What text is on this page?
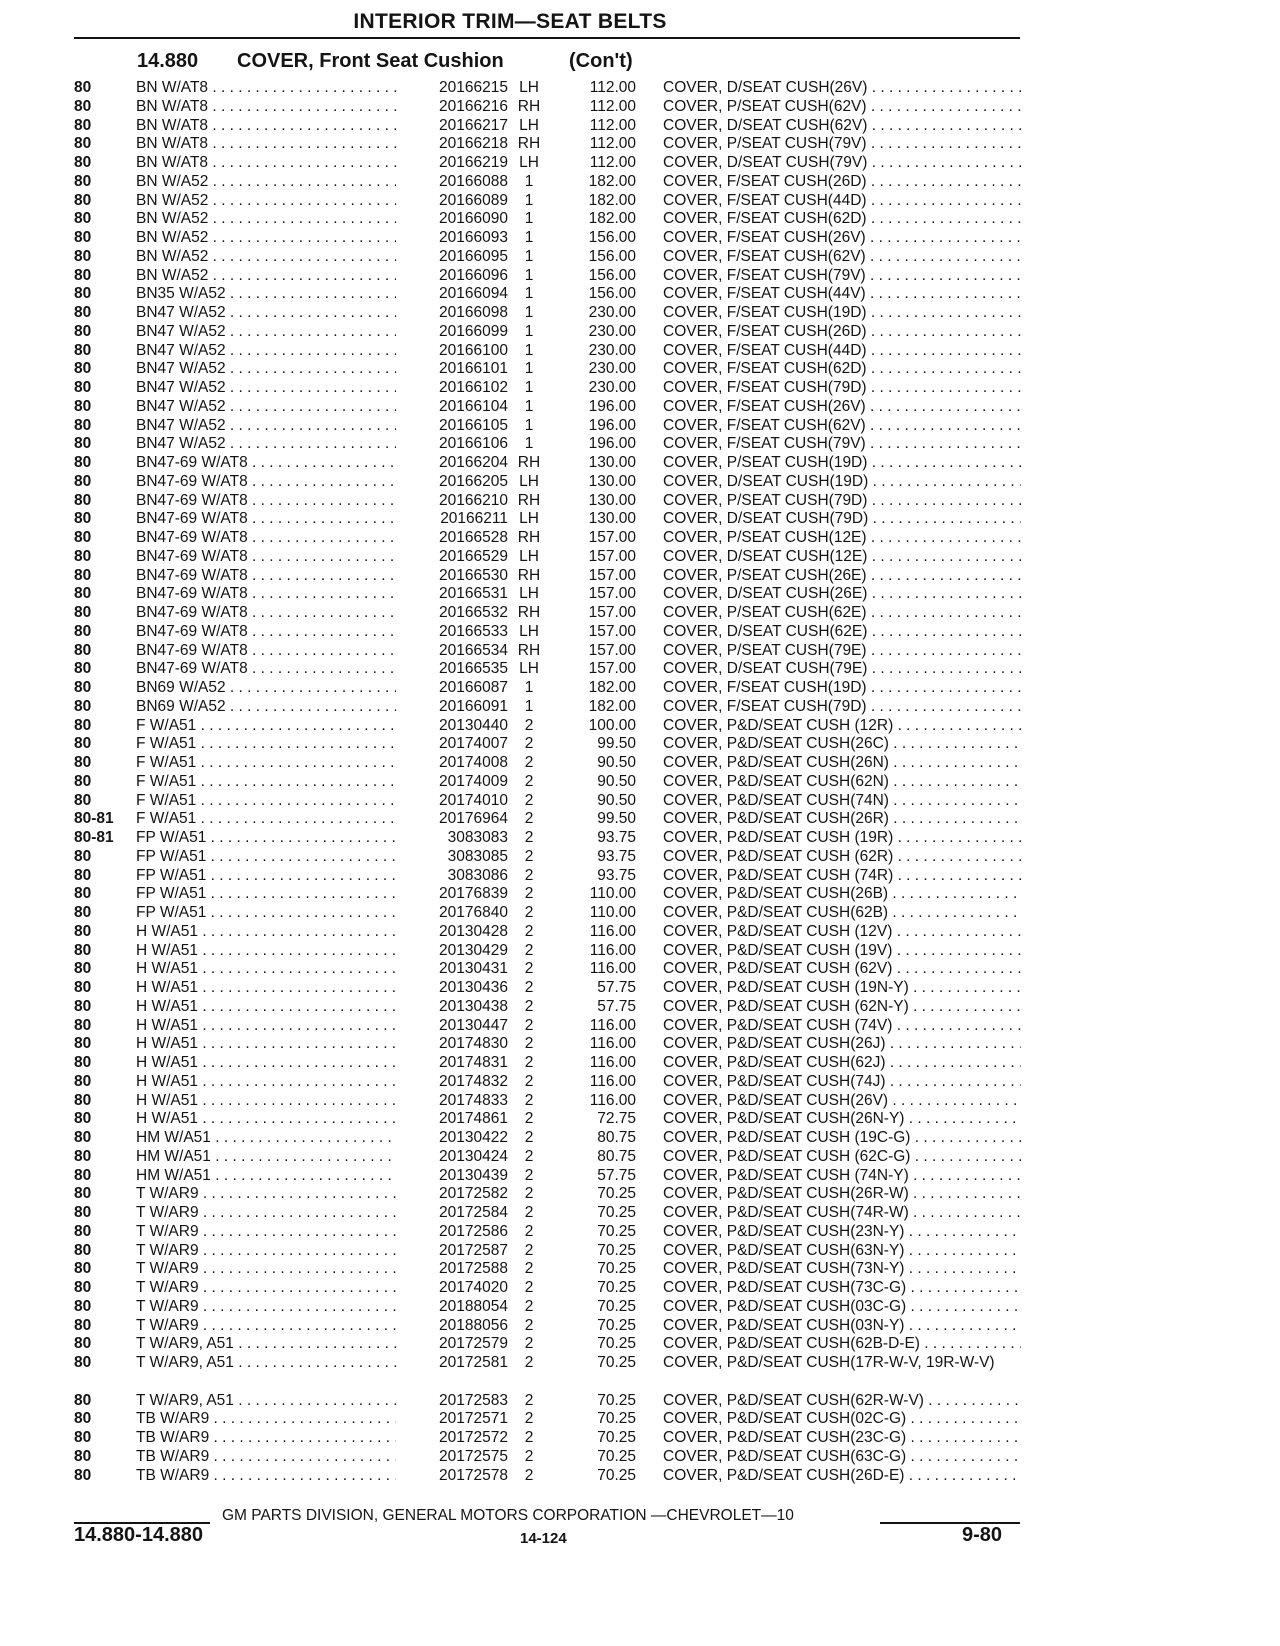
INTERIOR TRIM—SEAT BELTS
14.880 COVER, Front Seat Cushion	(Con't)
80	BN W/AT8 . . .	20166215 LH	112.00 COVER, D/SEAT CUSH(26V) . . .
80	BN W/AT8 . . .	20166216 RH	112.00 COVER, P/SEAT CUSH(62V) . . .
80	BN W/AT8 . . .	20166217 LH	112.00 COVER, D/SEAT CUSH(62V) . . .
80	BN W/AT8 . . .	20166218 RH	112.00 COVER, P/SEAT CUSH(79V) . . .
80	BN W/AT8 . . .	20166219 LH	112.00 COVER, D/SEAT CUSH(79V) . . .
80	BN W/A52 . . .	20166088	1	182.00 COVER, F/SEAT CUSH(26D) . . .
80	BN W/A52 . . .	20166089	1	182.00 COVER, F/SEAT CUSH(44D) . . .
80	BN W/A52 . . .	20166090	1	182.00 COVER, F/SEAT CUSH(62D) . . .
80	BN W/A52 . . .	20166093	1	156.00 COVER, F/SEAT CUSH(26V) . . .
80	BN W/A52 . . .	20166095	1	156.00 COVER, F/SEAT CUSH(62V) . . .
80	BN W/A52 . . .	20166096	1	156.00 COVER, F/SEAT CUSH(79V) . . .
80	BN35 W/A52 . . .	20166094	1	156.00 COVER, F/SEAT CUSH(44V) . . .
80	BN47 W/A52 . . .	20166098	1	230.00 COVER, F/SEAT CUSH(19D) . . .
80	BN47 W/A52 . . .	20166099	1	230.00 COVER, F/SEAT CUSH(26D) . . .
80	BN47 W/A52 . . .	20166100	1	230.00 COVER, F/SEAT CUSH(44D) . . .
80	BN47 W/A52 . . .	20166101	1	230.00 COVER, F/SEAT CUSH(62D) . . .
80	BN47 W/A52 . . .	20166102	1	230.00 COVER, F/SEAT CUSH(79D) . . .
80	BN47 W/A52 . . .	20166104	1	196.00 COVER, F/SEAT CUSH(26V) . . .
80	BN47 W/A52 . . .	20166105	1	196.00 COVER, F/SEAT CUSH(62V) . . .
80	BN47 W/A52 . . .	20166106	1	196.00 COVER, F/SEAT CUSH(79V) . . .
80	BN47-69 W/AT8 . . .	20166204 RH	130.00 COVER, P/SEAT CUSH(19D) . . .
80	BN47-69 W/AT8 . . .	20166205 LH	130.00 COVER, D/SEAT CUSH(19D) . . .
80	BN47-69 W/AT8 . . .	20166210 RH	130.00 COVER, P/SEAT CUSH(79D) . . .
80	BN47-69 W/AT8 . . .	20166211 LH	130.00 COVER, D/SEAT CUSH(79D) . . .
80	BN47-69 W/AT8 . . .	20166528 RH	157.00 COVER, P/SEAT CUSH(12E) . . .
80	BN47-69 W/AT8 . . .	20166529 LH	157.00 COVER, D/SEAT CUSH(12E) . . .
80	BN47-69 W/AT8 . . .	20166530 RH	157.00 COVER, P/SEAT CUSH(26E) . . .
80	BN47-69 W/AT8 . . .	20166531 LH	157.00 COVER, D/SEAT CUSH(26E) . . .
80	BN47-69 W/AT8 . . .	20166532 RH	157.00 COVER, P/SEAT CUSH(62E) . . .
80	BN47-69 W/AT8 . . .	20166533 LH	157.00 COVER, D/SEAT CUSH(62E) . . .
80	BN47-69 W/AT8 . . .	20166534 RH	157.00 COVER, P/SEAT CUSH(79E) . . .
80	BN47-69 W/AT8 . . .	20166535 LH	157.00 COVER, D/SEAT CUSH(79E) . . .
80	BN69 W/A52 . . .	20166087	1	182.00 COVER, F/SEAT CUSH(19D) . . .
80	BN69 W/A52 . . .	20166091	1	182.00 COVER, F/SEAT CUSH(79D) . . .
80	F W/A51 . . .	20130440	2	100.00 COVER, P&D/SEAT CUSH (12R) . . .
80	F W/A51 . . .	20174007	2	99.50 COVER, P&D/SEAT CUSH(26C) . . .
80	F W/A51 . . .	20174008	2	90.50 COVER, P&D/SEAT CUSH(26N) . . .
80	F W/A51 . . .	20174009	2	90.50 COVER, P&D/SEAT CUSH(62N) . . .
80	F W/A51 . . .	20174010	2	90.50 COVER, P&D/SEAT CUSH(74N) . . .
80-81 F W/A51 . . .	20176964	2	99.50 COVER, P&D/SEAT CUSH(26R) . . .
80-81 FP W/A51 . . .	3083083	2	93.75 COVER, P&D/SEAT CUSH (19R) . . .
80	FP W/A51 . . .	3083085	2	93.75 COVER, P&D/SEAT CUSH (62R) . . .
80	FP W/A51 . . .	3083086	2	93.75 COVER, P&D/SEAT CUSH (74R) . . .
80	FP W/A51 . . .	20176839	2	110.00 COVER, P&D/SEAT CUSH(26B) . . .
80	FP W/A51 . . .	20176840	2	110.00 COVER, P&D/SEAT CUSH(62B) . . .
80	H W/A51 . . .	20130428	2	116.00 COVER, P&D/SEAT CUSH (12V) . . .
80	H W/A51 . . .	20130429	2	116.00 COVER, P&D/SEAT CUSH (19V) . . .
80	H W/A51 . . .	20130431	2	116.00 COVER, P&D/SEAT CUSH (62V) . . .
80	H W/A51 . . .	20130436	2	57.75 COVER, P&D/SEAT CUSH (19N-Y) . . .
80	H W/A51 . . .	20130438	2	57.75 COVER, P&D/SEAT CUSH (62N-Y) . . .
80	H W/A51 . . .	20130447	2	116.00 COVER, P&D/SEAT CUSH (74V) . . .
80	H W/A51 . . .	20174830	2	116.00 COVER, P&D/SEAT CUSH(26J) . . .
80	H W/A51 . . .	20174831	2	116.00 COVER, P&D/SEAT CUSH(62J) . . .
80	H W/A51 . . .	20174832	2	116.00 COVER, P&D/SEAT CUSH(74J) . . .
80	H W/A51 . . .	20174833	2	116.00 COVER, P&D/SEAT CUSH(26V) . . .
80	H W/A51 . . .	20174861	2	72.75 COVER, P&D/SEAT CUSH(26N-Y) . . .
80	HM W/A51 . . .	20130422	2	80.75 COVER, P&D/SEAT CUSH (19C-G) . . .
80	HM W/A51 . . .	20130424	2	80.75 COVER, P&D/SEAT CUSH (62C-G) . . .
80	HM W/A51 . . .	20130439	2	57.75 COVER, P&D/SEAT CUSH (74N-Y) . . .
80	T W/AR9 . . .	20172582	2	70.25 COVER, P&D/SEAT CUSH(26R-W) . . .
80	T W/AR9 . . .	20172584	2	70.25 COVER, P&D/SEAT CUSH(74R-W) . . .
80	T W/AR9 . . .	20172586	2	70.25 COVER, P&D/SEAT CUSH(23N-Y) . . .
80	T W/AR9 . . .	20172587	2	70.25 COVER, P&D/SEAT CUSH(63N-Y) . . .
80	T W/AR9 . . .	20172588	2	70.25 COVER, P&D/SEAT CUSH(73N-Y) . . .
80	T W/AR9 . . .	20174020	2	70.25 COVER, P&D/SEAT CUSH(73C-G) . . .
80	T W/AR9 . . .	20188054	2	70.25 COVER, P&D/SEAT CUSH(03C-G) . . .
80	T W/AR9 . . .	20188056	2	70.25 COVER, P&D/SEAT CUSH(03N-Y) . . .
80	T W/AR9, A51 . . .	20172579	2	70.25 COVER, P&D/SEAT CUSH(62B-D-E) . . .
80	T W/AR9, A51 . . .	20172581	2	70.25 COVER, P&D/SEAT CUSH(17R-W-V, 19R-W-V)
80	T W/AR9, A51 . . .	20172583	2	70.25 COVER, P&D/SEAT CUSH(62R-W-V) . . .
80	TB W/AR9 . . .	20172571	2	70.25 COVER, P&D/SEAT CUSH(02C-G) . . .
80	TB W/AR9 . . .	20172572	2	70.25 COVER, P&D/SEAT CUSH(23C-G) . . .
80	TB W/AR9 . . .	20172575	2	70.25 COVER, P&D/SEAT CUSH(63C-G) . . .
80	TB W/AR9 . . .	20172578	2	70.25 COVER, P&D/SEAT CUSH(26D-E) . . .
GM PARTS DIVISION, GENERAL MOTORS CORPORATION —CHEVROLET—10
14.880-14.880	14-124	9-80
